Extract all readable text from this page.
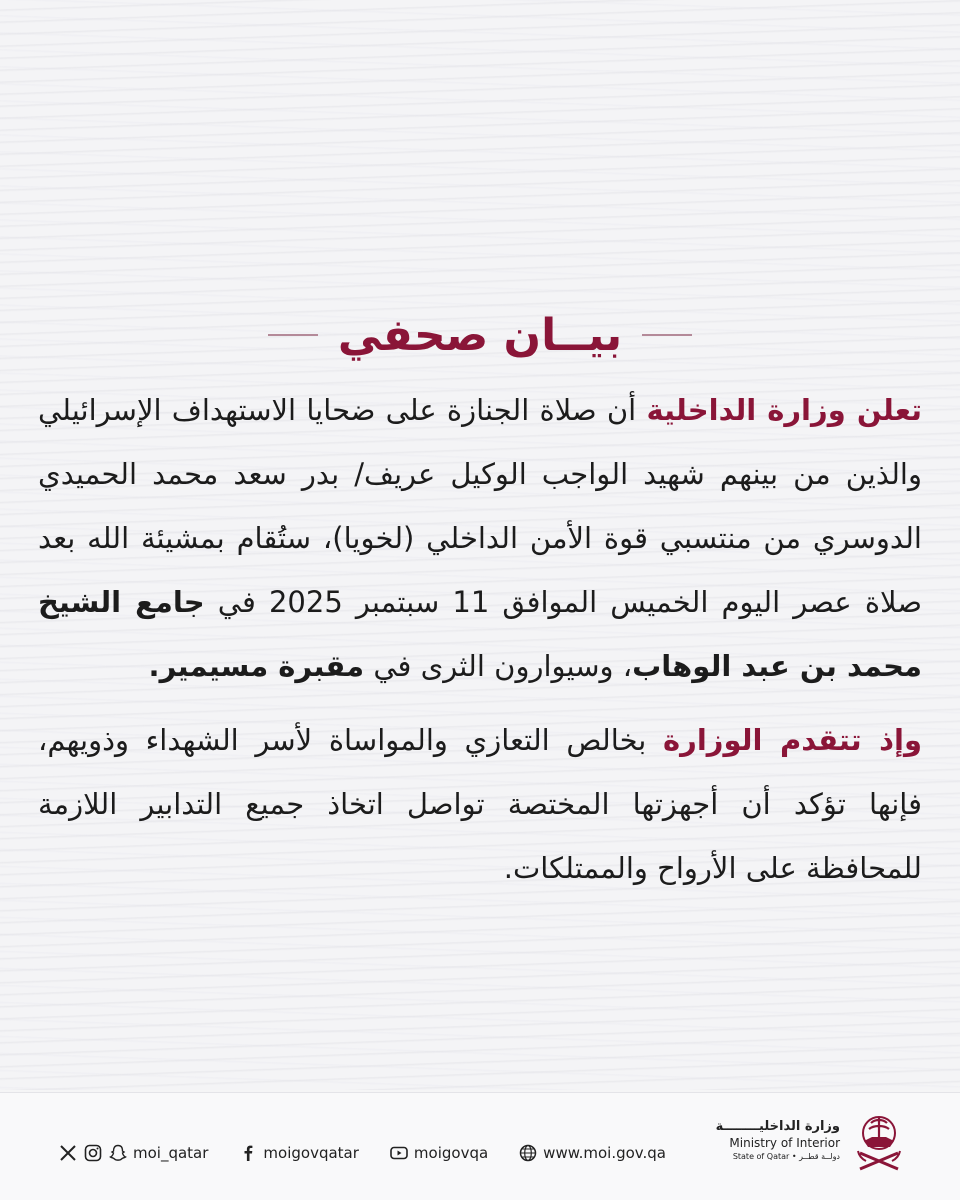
بيــان صحفي
تعلن وزارة الداخلية أن صلاة الجنازة على ضحايا الاستهداف الإسرائيلي والذين من بينهم شهيد الواجب الوكيل عريف/ بدر سعد محمد الحميدي الدوسري من منتسبي قوة الأمن الداخلي (لخويا)، ستُقام بمشيئة الله بعد صلاة عصر اليوم الخميس الموافق 11 سبتمبر 2025 في جامع الشيخ محمد بن عبد الوهاب، وسيوارون الثرى في مقبرة مسيمير.
وإذ تتقدم الوزارة بخالص التعازي والمواساة لأسر الشهداء وذويهم، فإنها تؤكد أن أجهزتها المختصة تواصل اتخاذ جميع التدابير اللازمة للمحافظة على الأرواح والممتلكات.
moi_qatar	moigovqatar	moigovqa	www.moi.gov.qa
وزارة الداخليــــــــة
Ministry of Interior
State of Qatar • دولــة قطــر
